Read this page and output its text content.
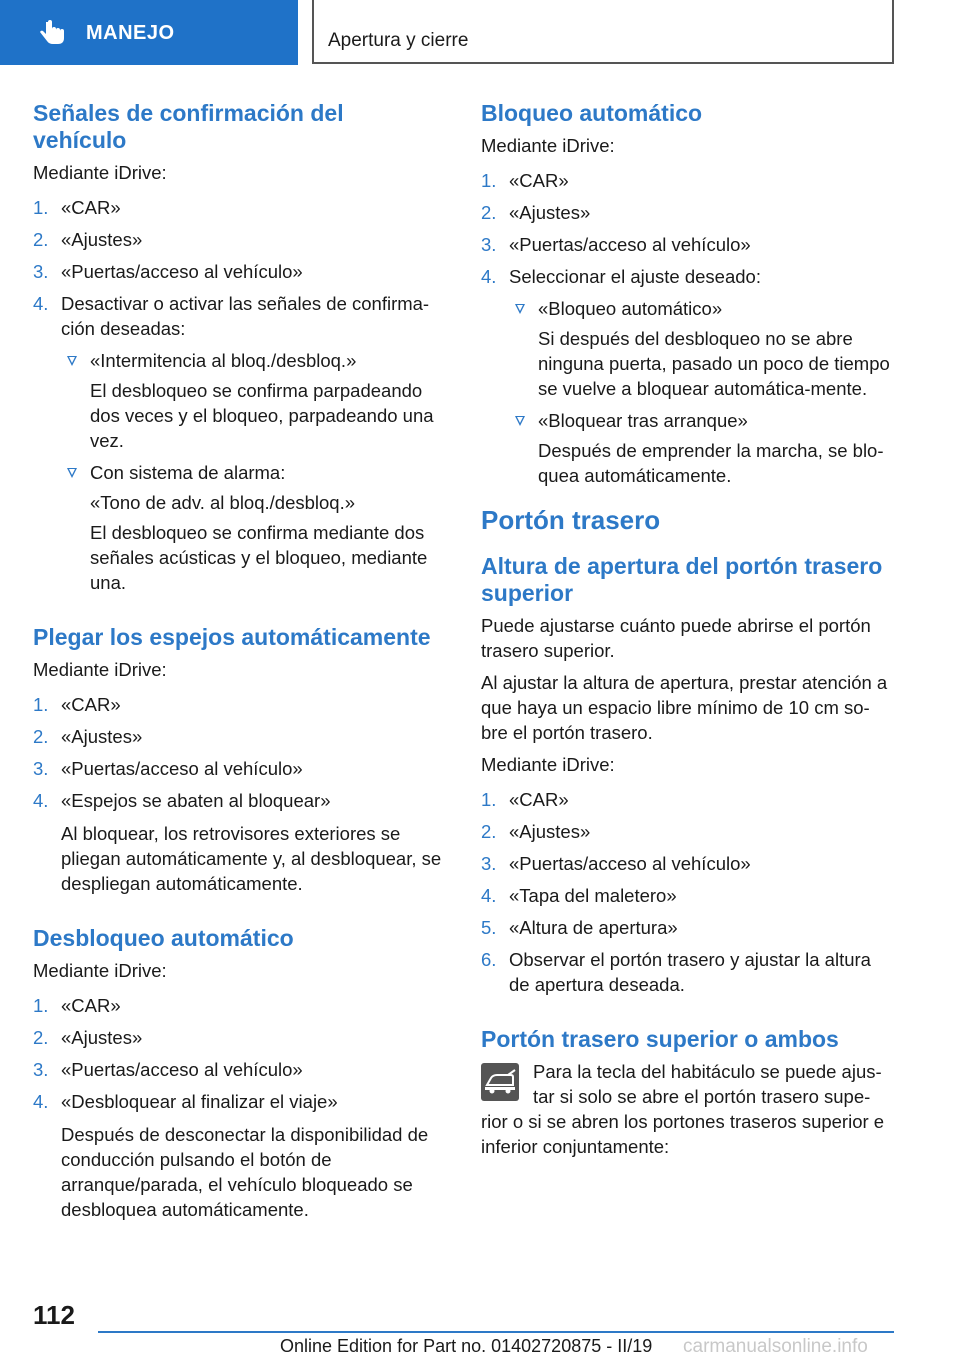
MANEJO	Apertura y cierre
Señales de confirmación del vehículo

Mediante iDrive:

1. «CAR»
2. «Ajustes»
3. «Puertas/acceso al vehículo»
4. Desactivar o activar las señales de confirma‐ción deseadas:
«Intermitencia al bloq./desbloq.»
El desbloqueo se confirma parpadeando dos veces y el bloqueo, parpadeando una vez.
Con sistema de alarma:
«Tono de adv. al bloq./desbloq.»
El desbloqueo se confirma mediante dos señales acústicas y el bloqueo, mediante una.
Plegar los espejos automáticamente

Mediante iDrive:

1. «CAR»
2. «Ajustes»
3. «Puertas/acceso al vehículo»
4. «Espejos se abaten al bloquear»
Al bloquear, los retrovisores exteriores se pliegan automáticamente y, al desbloquear, se despliegan automáticamente.
Desbloqueo automático

Mediante iDrive:

1. «CAR»
2. «Ajustes»
3. «Puertas/acceso al vehículo»
4. «Desbloquear al finalizar el viaje»
Después de desconectar la disponibilidad de conducción pulsando el botón de arranque/parada, el vehículo bloqueado se desbloquea automáticamente.
Bloqueo automático

Mediante iDrive:

1. «CAR»
2. «Ajustes»
3. «Puertas/acceso al vehículo»
4. Seleccionar el ajuste deseado:
«Bloqueo automático»
Si después del desbloqueo no se abre ninguna puerta, pasado un poco de tiempo se vuelve a bloquear automática‐mente.
«Bloquear tras arranque»
Después de emprender la marcha, se blo‐quea automáticamente.
Portón trasero
Altura de apertura del portón trasero superior

Puede ajustarse cuánto puede abrirse el portón trasero superior.

Al ajustar la altura de apertura, prestar atención a que haya un espacio libre mínimo de 10 cm so‐bre el portón trasero.

Mediante iDrive:

1. «CAR»
2. «Ajustes»
3. «Puertas/acceso al vehículo»
4. «Tapa del maletero»
5. «Altura de apertura»
6. Observar el portón trasero y ajustar la altura de apertura deseada.
Portón trasero superior o ambos
Para la tecla del habitáculo se puede ajus‐tar si solo se abre el portón trasero supe‐rior o si se abren los portones traseros superior e inferior conjuntamente:
112
Online Edition for Part no. 01402720875 - II/19 carmanualsonline.info
